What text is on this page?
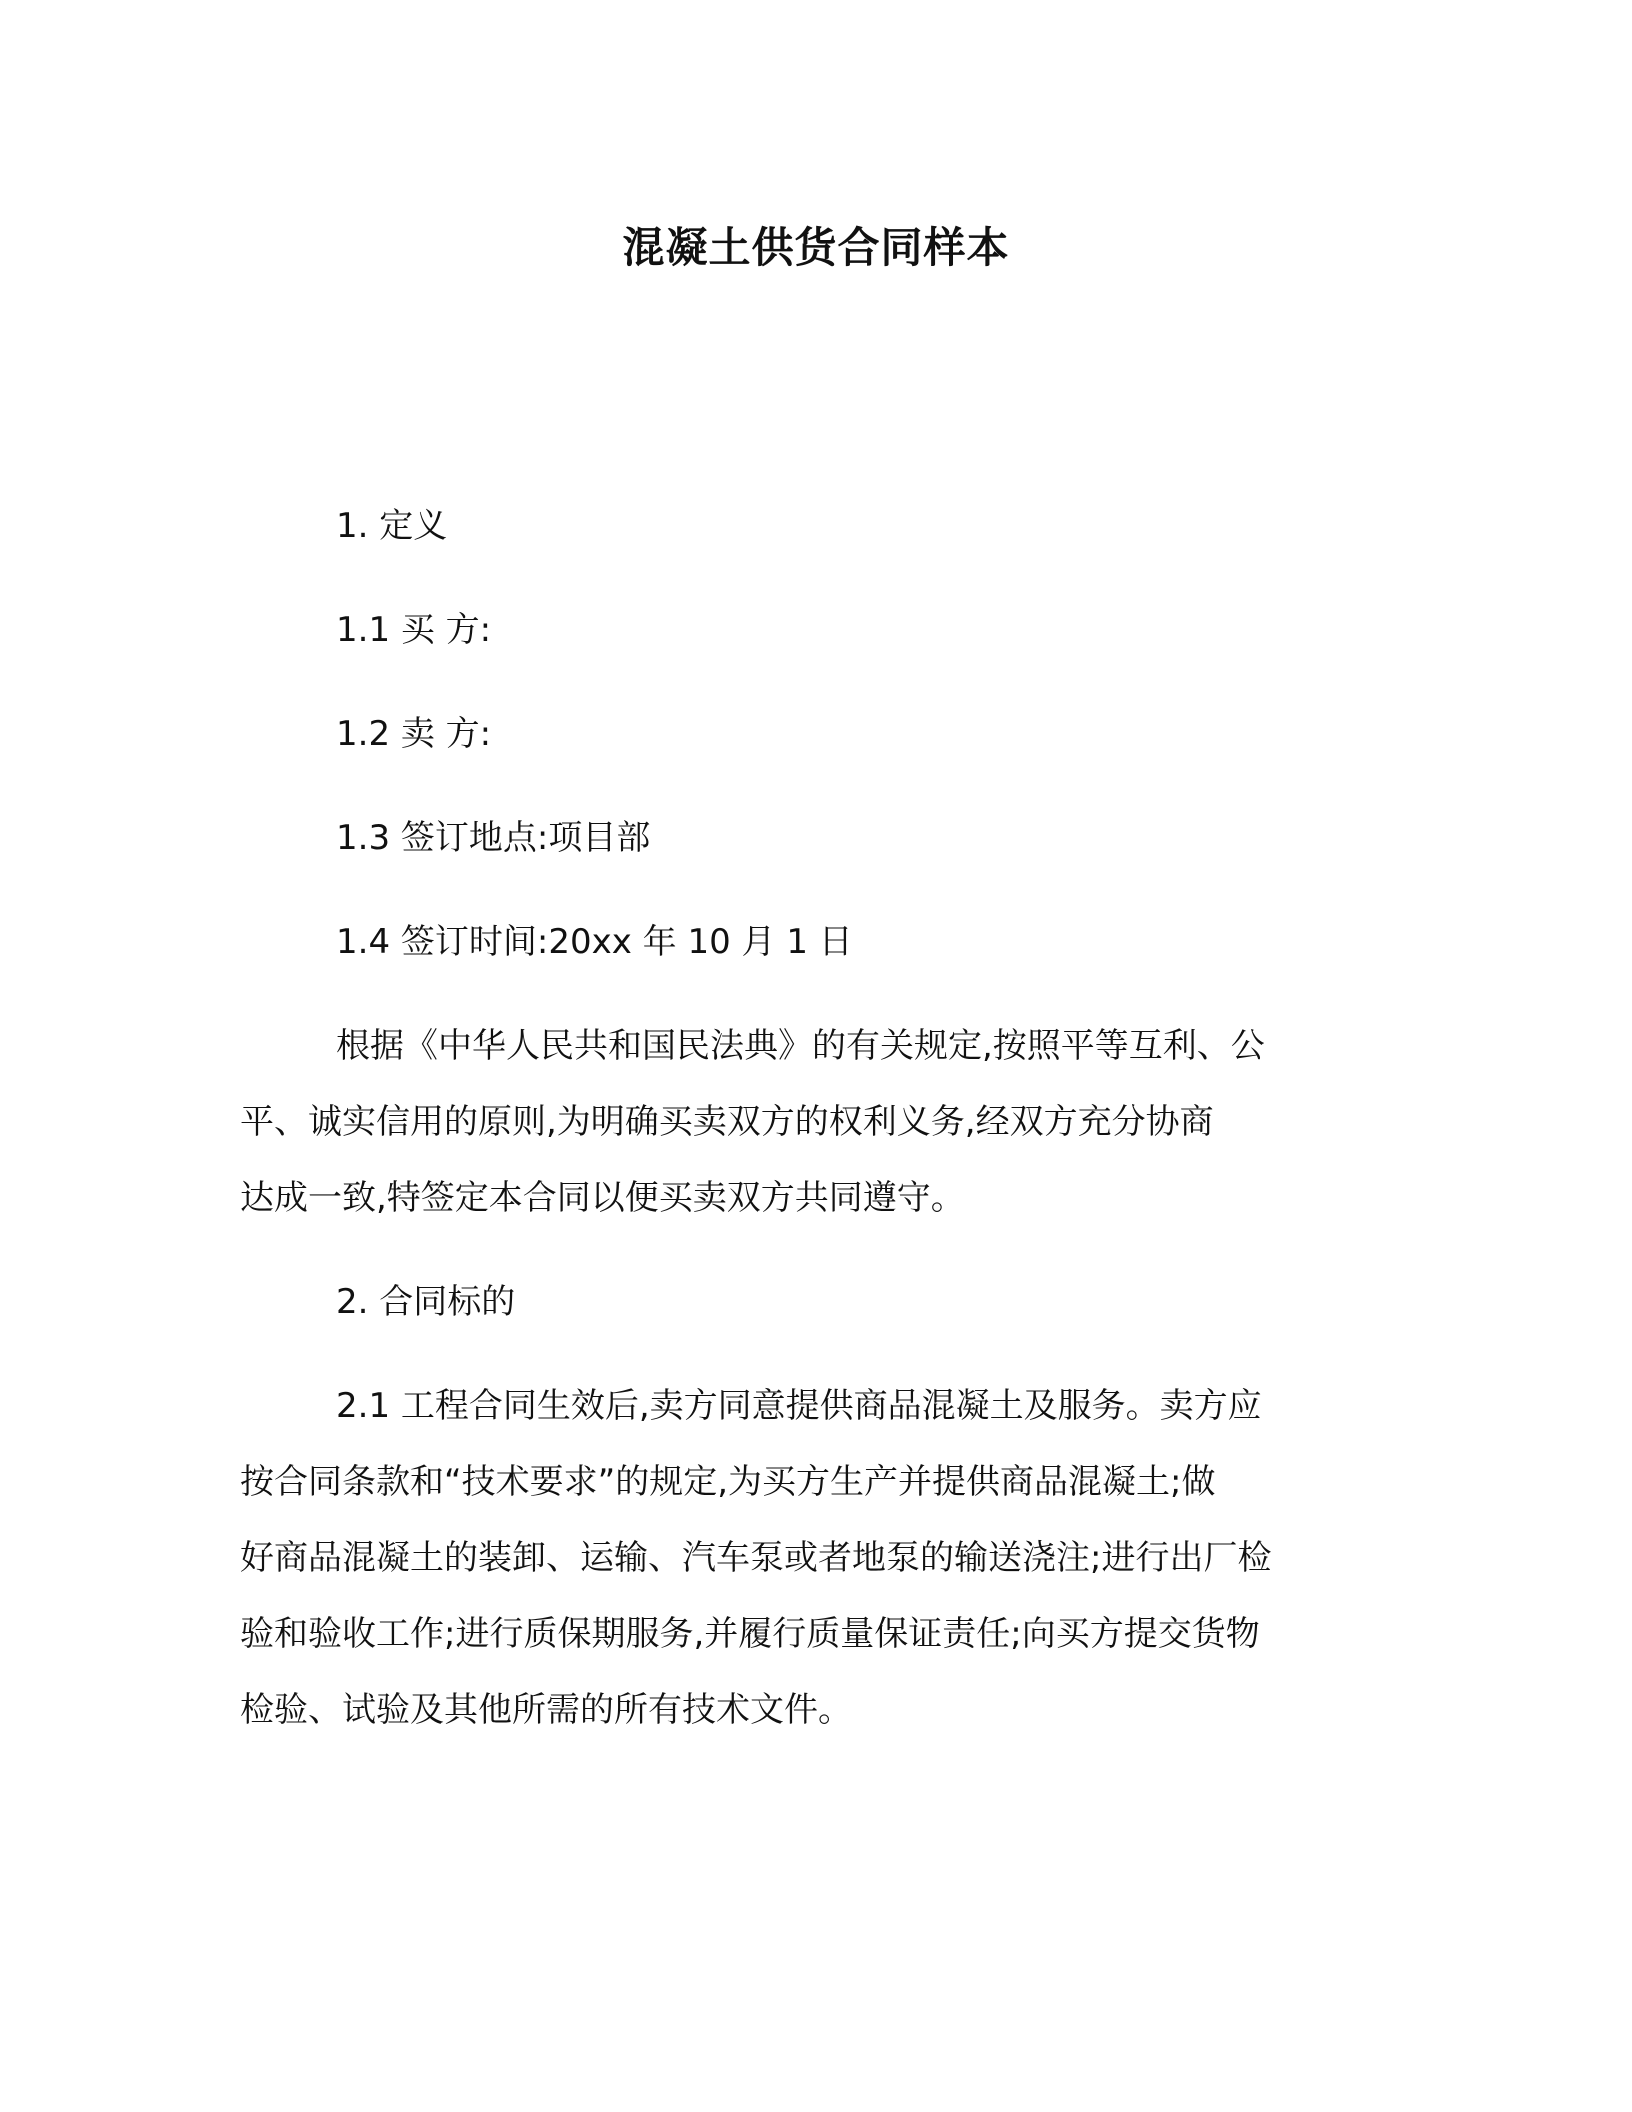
混凝土供货合同样本

1. 定义

1.1 买 方:

1.2 卖 方:

1.3 签订地点:项目部

1.4 签订时间:20xx 年 10 月 1 日

根据《中华人民共和国民法典》的有关规定,按照平等互利、公

平、诚实信用的原则,为明确买卖双方的权利义务,经双方充分协商

达成一致,特签定本合同以便买卖双方共同遵守。

2. 合同标的

2.1 工程合同生效后,卖方同意提供商品混凝土及服务。卖方应

按合同条款和“技术要求”的规定,为买方生产并提供商品混凝土;做

好商品混凝土的装卸、运输、汽车泵或者地泵的输送浇注;进行出厂检

验和验收工作;进行质保期服务,并履行质量保证责任;向买方提交货物

检验、试验及其他所需的所有技术文件。
